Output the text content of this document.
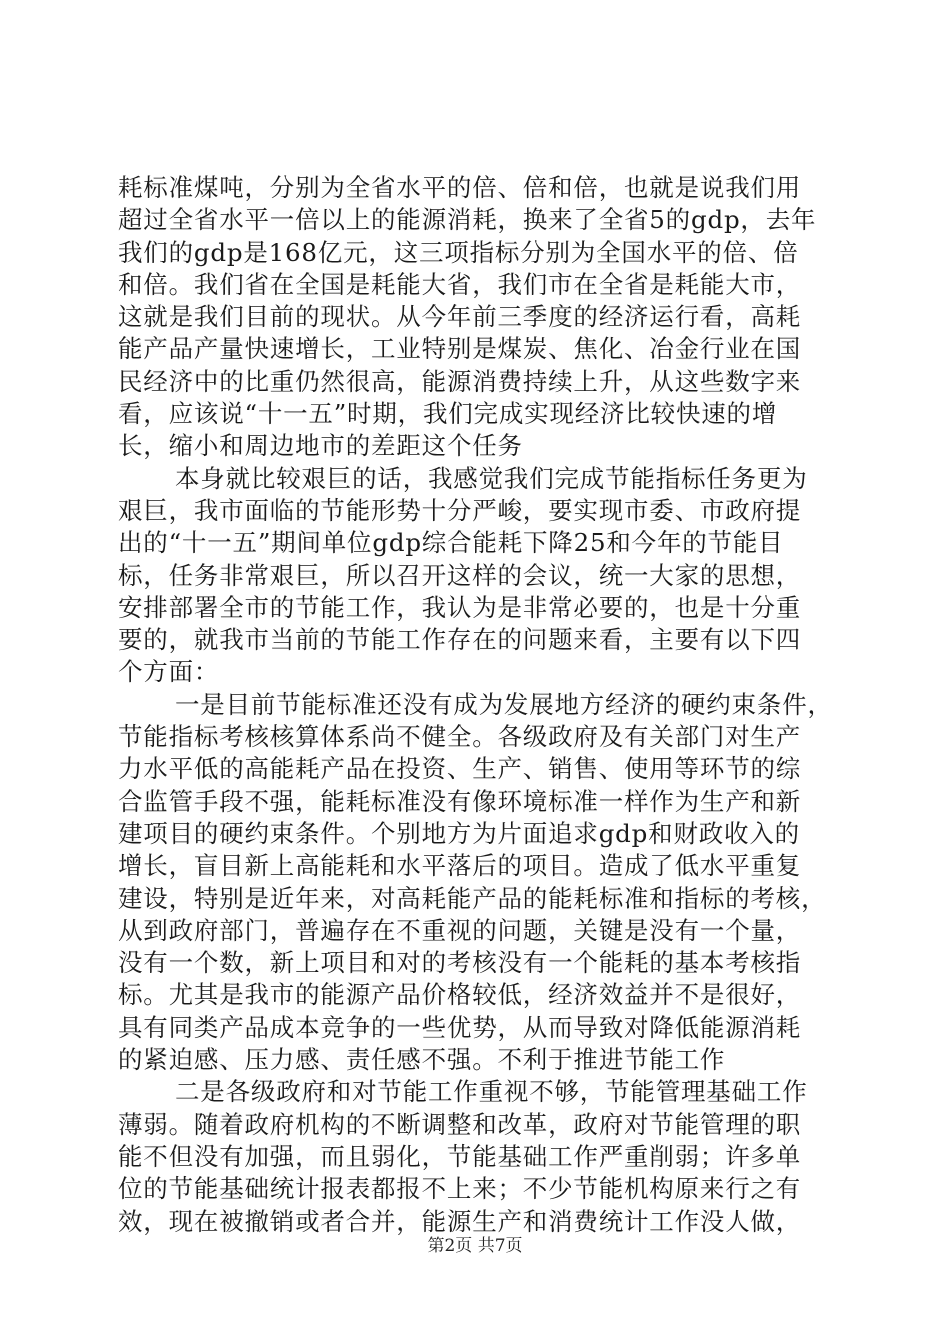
耗标准煤吨，分别为全省水平的倍、倍和倍，也就是说我们用
超过全省水平一倍以上的能源消耗，换来了全省5的gdp，去年
我们的gdp是168亿元，这三项指标分别为全国水平的倍、倍
和倍。我们省在全国是耗能大省，我们市在全省是耗能大市，
这就是我们目前的现状。从今年前三季度的经济运行看，高耗
能产品产量快速增长，工业特别是煤炭、焦化、冶金行业在国
民经济中的比重仍然很高，能源消费持续上升，从这些数字来
看，应该说“十一五”时期，我们完成实现经济比较快速的增
长，缩小和周边地市的差距这个任务
本身就比较艰巨的话，我感觉我们完成节能指标任务更为
艰巨，我市面临的节能形势十分严峻，要实现市委、市政府提
出的“十一五”期间单位gdp综合能耗下降25和今年的节能目
标，任务非常艰巨，所以召开这样的会议，统一大家的思想，
安排部署全市的节能工作，我认为是非常必要的，也是十分重
要的，就我市当前的节能工作存在的问题来看，主要有以下四
个方面：
一是目前节能标准还没有成为发展地方经济的硬约束条件，
节能指标考核核算体系尚不健全。各级政府及有关部门对生产
力水平低的高能耗产品在投资、生产、销售、使用等环节的综
合监管手段不强，能耗标准没有像环境标准一样作为生产和新
建项目的硬约束条件。个别地方为片面追求gdp和财政收入的
增长，盲目新上高能耗和水平落后的项目。造成了低水平重复
建设，特别是近年来，对高耗能产品的能耗标准和指标的考核，
从到政府部门，普遍存在不重视的问题，关键是没有一个量，
没有一个数，新上项目和对的考核没有一个能耗的基本考核指
标。尤其是我市的能源产品价格较低，经济效益并不是很好，
具有同类产品成本竞争的一些优势，从而导致对降低能源消耗
的紧迫感、压力感、责任感不强。不利于推进节能工作
二是各级政府和对节能工作重视不够，节能管理基础工作
薄弱。随着政府机构的不断调整和改革，政府对节能管理的职
能不但没有加强，而且弱化，节能基础工作严重削弱；许多单
位的节能基础统计报表都报不上来；不少节能机构原来行之有
效，现在被撤销或者合并，能源生产和消费统计工作没人做，
第2页 共7页
